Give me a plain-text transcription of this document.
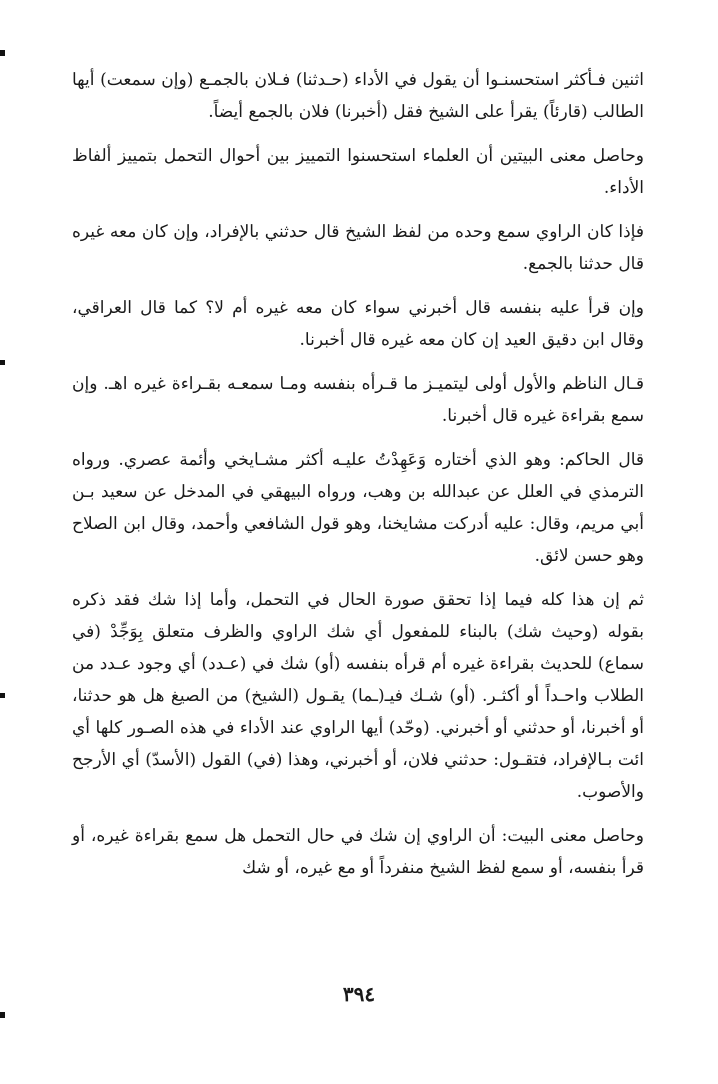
اثنين فـأكثر استحسنـوا أن يقول في الأداء (حـدثنا) فـلان بالجمـع (وإن سمعت) أيها الطالب (قارئاً) يقرأ على الشيخ فقل (أخبرنا) فلان بالجمع أيضاً.

وحاصل معنى البيتين أن العلماء استحسنوا التمييز بين أحوال التحمل بتمييز ألفاظ الأداء.

فإذا كان الراوي سمع وحده من لفظ الشيخ قال حدثني بالإفراد، وإن كان معه غيره قال حدثنا بالجمع.

وإن قرأ عليه بنفسه قال أخبرني سواء كان معه غيره أم لا؟ كما قال العراقي، وقال ابن دقيق العيد إن كان معه غيره قال أخبرنا.

قـال الناظم والأول أولى ليتميـز ما قـرأه بنفسه ومـا سمعـه بقـراءة غيره اهـ. وإن سمع بقراءة غيره قال أخبرنا.

قال الحاكم: وهو الذي أختاره وَعَهِدْتُ عليـه أكثر مشـايخي وأئمة عصري. ورواه الترمذي في العلل عن عبدالله بن وهب، ورواه البيهقي في المدخل عن سعيد بـن أبي مريم، وقال: عليه أدركت مشايخنا، وهو قول الشافعي وأحمد، وقال ابن الصلاح وهو حسن لائق.

ثم إن هذا كله فيما إذا تحقق صورة الحال في التحمل، وأما إذا شك فقد ذكره بقوله (وحيث شك) بالبناء للمفعول أي شك الراوي والظرف متعلق بِوَجِّدْ (في سماع) للحديث بقراءة غيره أم قرأه بنفسه (أو) شك في (عـدد) أي وجود عـدد من الطلاب واحـداً أو أكثـر. (أو) شـك فيـ(ـما) يقـول (الشيخ) من الصيغ هل هو حدثنا، أو أخبرنا، أو حدثني أو أخبرني. (وحّد) أيها الراوي عند الأداء في هذه الصـور كلها أي ائت بـالإفراد، فتقـول: حدثني فلان، أو أخبرني، وهذا (في) القول (الأسدّ) أي الأرجح والأصوب.

وحاصل معنى البيت: أن الراوي إن شك في حال التحمل هل سمع بقراءة غيره، أو قرأ بنفسه، أو سمع لفظ الشيخ منفرداً أو مع غيره، أو شك

٣٩٤
